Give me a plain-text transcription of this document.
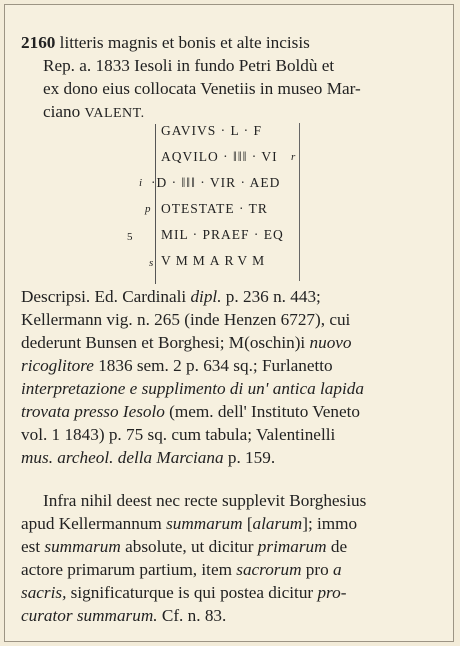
2160 litteris magnis et bonis et alte incisis
Rep. a. 1833 Iesoli in fundo Petri Boldù et
ex dono eius collocata Venetiis in museo Mar-
ciano VALENT.
GAVIVS · L · F
AQVILO · ‖‖‖ · VI
·D · ‖‖‖ · VIR · AED
OTESTATE · TR
MIL · PRAEF · EQ
VMMARVM
i
p
s
r
5
Descripsi. Ed. Cardinali dipl. p. 236 n. 443;
Kellermann vig. n. 265 (inde Henzen 6727), cui
dederunt Bunsen et Borghesi; M(oschin)i nuovo
ricoglitore 1836 sem. 2 p. 634 sq.; Furlanetto
interpretazione e supplimento di un' antica lapida
trovata presso Iesolo (mem. dell' Instituto Veneto
vol. 1 1843) p. 75 sq. cum tabula; Valentinelli
mus. archeol. della Marciana p. 159.
Infra nihil deest nec recte supplevit Borghesius
apud Kellermannum summarum [alarum]; immo
est summarum absolute, ut dicitur primarum de
actore primarum partium, item sacrorum pro a
sacris, significaturque is qui postea dicitur pro-
curator summarum. Cf. n. 83.
